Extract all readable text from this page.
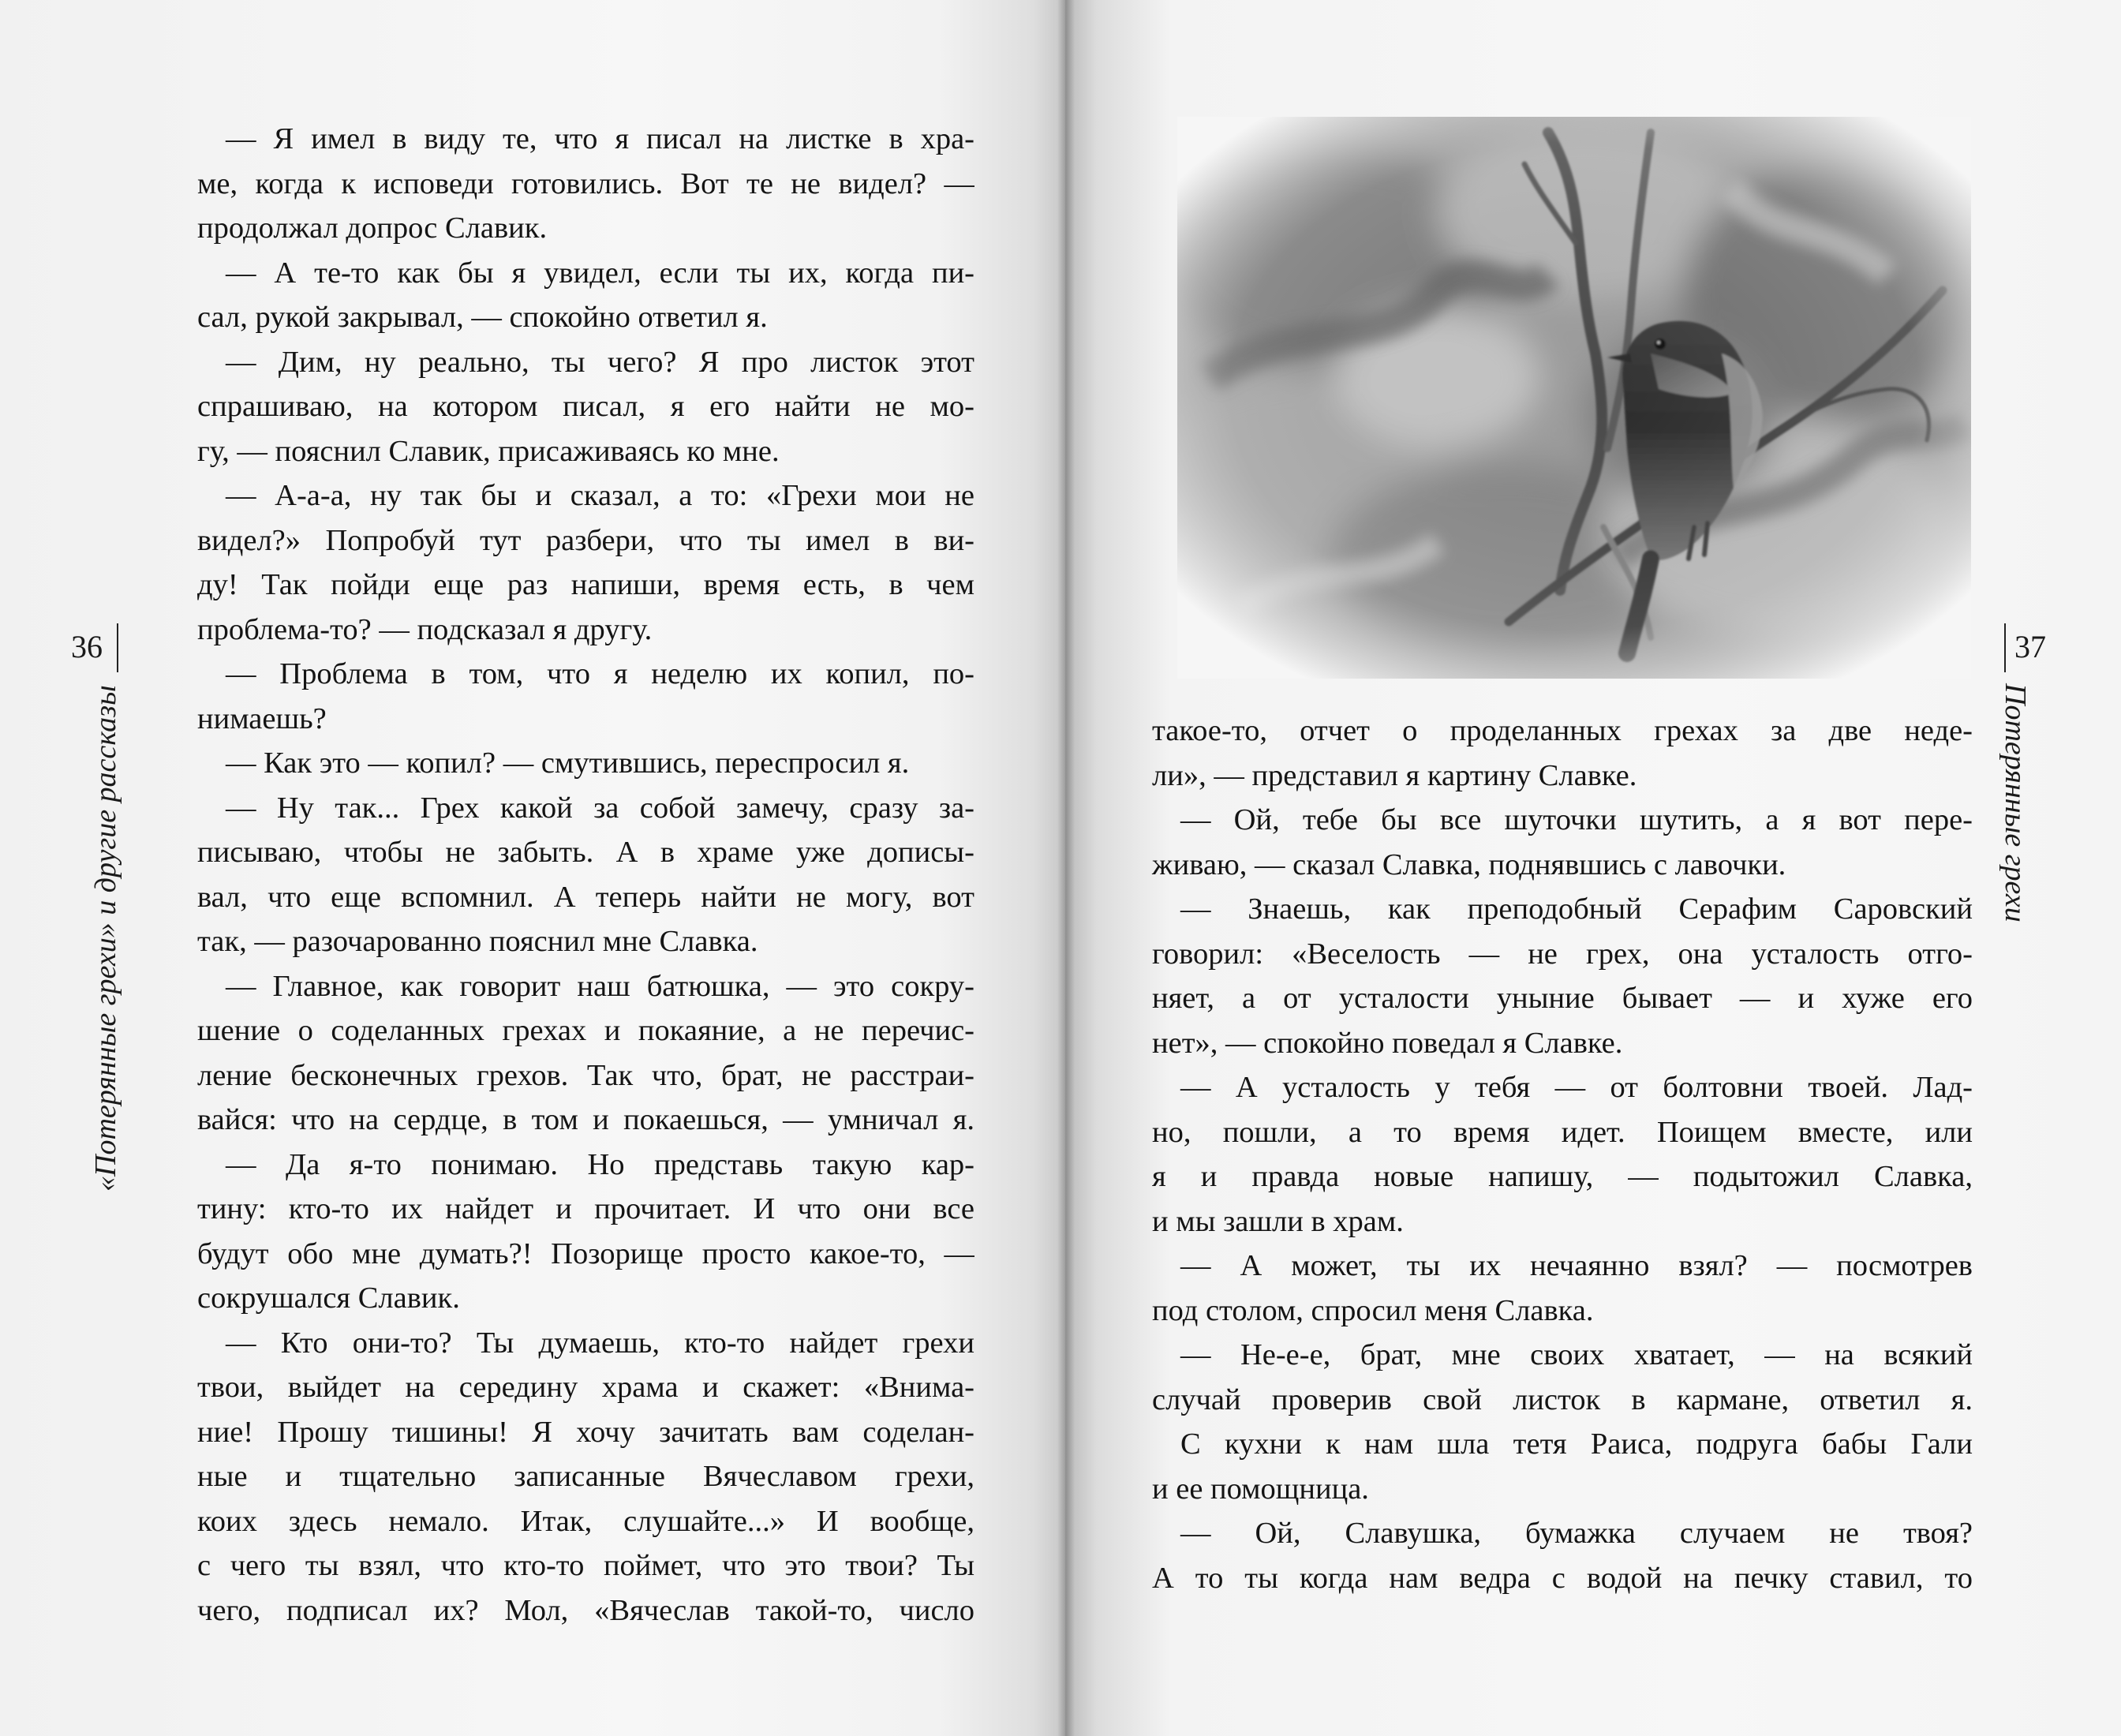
36
«Потерянные грехи» и другие рассказы
— Я имел в виду те, что я писал на листке в хра-
ме, когда к исповеди готовились. Вот те не видел? —
продолжал допрос Славик.
— А те-то как бы я увидел, если ты их, когда пи-
сал, рукой закрывал, — спокойно ответил я.
— Дим, ну реально, ты чего? Я про листок этот
спрашиваю, на котором писал, я его найти не мо-
гу, — пояснил Славик, присаживаясь ко мне.
— А-а-а, ну так бы и сказал, а то: «Грехи мои не
видел?» Попробуй тут разбери, что ты имел в ви-
ду! Так пойди еще раз напиши, время есть, в чем
проблема-то? — подсказал я другу.
— Проблема в том, что я неделю их копил, по-
нимаешь?
— Как это — копил? — смутившись, переспросил я.
— Ну так... Грех какой за собой замечу, сразу за-
писываю, чтобы не забыть. А в храме уже дописы-
вал, что еще вспомнил. А теперь найти не могу, вот
так, — разочарованно пояснил мне Славка.
— Главное, как говорит наш батюшка, — это сокру-
шение о соделанных грехах и покаяние, а не перечис-
ление бесконечных грехов. Так что, брат, не расстраи-
вайся: что на сердце, в том и покаешься, — умничал я.
— Да я-то понимаю. Но представь такую кар-
тину: кто-то их найдет и прочитает. И что они все
будут обо мне думать?! Позорище просто какое-то, —
сокрушался Славик.
— Кто они-то? Ты думаешь, кто-то найдет грехи
твои, выйдет на середину храма и скажет: «Внима-
ние! Прошу тишины! Я хочу зачитать вам соделан-
ные и тщательно записанные Вячеславом грехи,
коих здесь немало. Итак, слушайте...» И вообще,
с чего ты взял, что кто-то поймет, что это твои? Ты
чего, подписал их? Мол, «Вячеслав такой-то, число
37
Потерянные грехи
такое-то, отчет о проделанных грехах за две неде-
ли», — представил я картину Славке.
— Ой, тебе бы все шуточки шутить, а я вот пере-
живаю, — сказал Славка, поднявшись с лавочки.
— Знаешь, как преподобный Серафим Саровский
говорил: «Веселость — не грех, она усталость отго-
няет, а от усталости уныние бывает — и хуже его
нет», — спокойно поведал я Славке.
— А усталость у тебя — от болтовни твоей. Лад-
но, пошли, а то время идет. Поищем вместе, или
я и правда новые напишу, — подытожил Славка,
и мы зашли в храм.
— А может, ты их нечаянно взял? — посмотрев
под столом, спросил меня Славка.
— Не-е-е, брат, мне своих хватает, — на всякий
случай проверив свой листок в кармане, ответил я.
С кухни к нам шла тетя Раиса, подруга бабы Гали
и ее помощница.
— Ой, Славушка, бумажка случаем не твоя?
А то ты когда нам ведра с водой на печку ставил, то
